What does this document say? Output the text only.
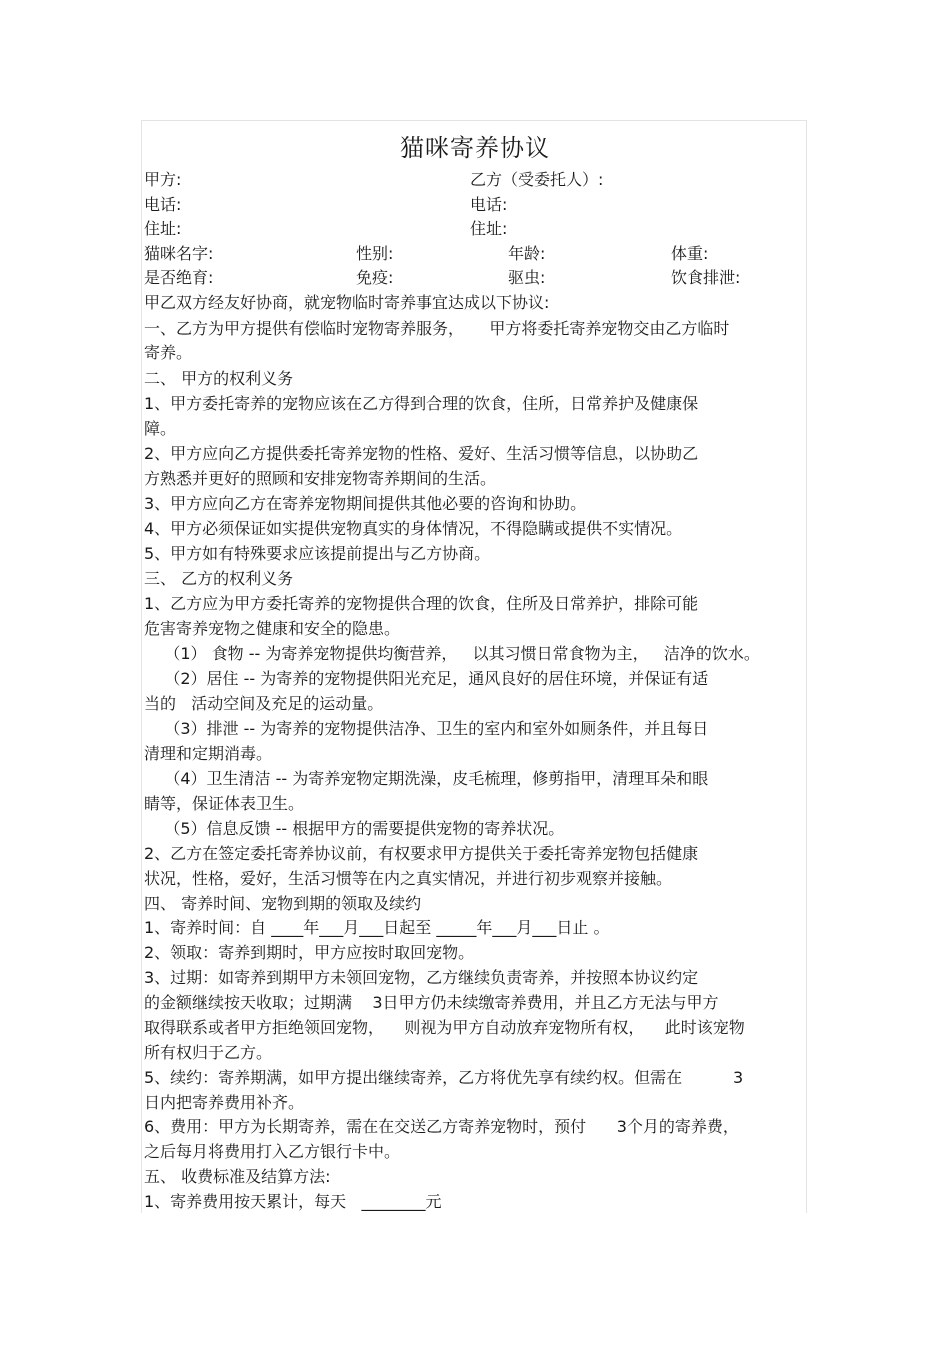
猫咪寄养协议
甲方:	乙方（受委托人）:
电话:	电话:
住址:	住址:
猫咪名字:	性别:	年龄:	体重:
是否绝育:	免疫:	驱虫:	饮食排泄:
甲乙双方经友好协商，就宠物临时寄养事宜达成以下协议:
一、乙方为甲方提供有偿临时宠物寄养服务，     甲方将委托寄养宠物交由乙方临时
寄养。
二、 甲方的权利义务
1、甲方委托寄养的宠物应该在乙方得到合理的饮食，住所，日常养护及健康保
障。
2、甲方应向乙方提供委托寄养宠物的性格、爱好、生活习惯等信息，以协助乙
方熟悉并更好的照顾和安排宠物寄养期间的生活。
3、甲方应向乙方在寄养宠物期间提供其他必要的咨询和协助。
4、甲方必须保证如实提供宠物真实的身体情况，不得隐瞒或提供不实情况。
5、甲方如有特殊要求应该提前提出与乙方协商。
三、 乙方的权利义务
1、乙方应为甲方委托寄养的宠物提供合理的饮食，住所及日常养护，排除可能
危害寄养宠物之健康和安全的隐患。
（1） 食物 -- 为寄养宠物提供均衡营养，   以其习惯日常食物为主，   洁净的饮水。
（2）居住 -- 为寄养的宠物提供阳光充足，通风良好的居住环境，并保证有适
当的   活动空间及充足的运动量。
（3）排泄 -- 为寄养的宠物提供洁净、卫生的室内和室外如厕条件，并且每日
清理和定期消毒。
（4）卫生清洁 -- 为寄养宠物定期洗澡，皮毛梳理，修剪指甲，清理耳朵和眼
睛等，保证体表卫生。
（5）信息反馈 -- 根据甲方的需要提供宠物的寄养状况。
2、乙方在签定委托寄养协议前，有权要求甲方提供关于委托寄养宠物包括健康
状况，性格，爱好，生活习惯等在内之真实情况，并进行初步观察并接触。
四、 寄养时间、宠物到期的领取及续约
1、寄养时间：自 ____年___月___日起至 _____年___月___日止 。
2、领取：寄养到期时，甲方应按时取回宠物。
3、过期：如寄养到期甲方未领回宠物，乙方继续负责寄养，并按照本协议约定
的金额继续按天收取；过期满    3日甲方仍未续缴寄养费用，并且乙方无法与甲方
取得联系或者甲方拒绝领回宠物，    则视为甲方自动放弃宠物所有权，    此时该宠物
所有权归于乙方。
5、续约：寄养期满，如甲方提出继续寄养，乙方将优先享有续约权。但需在          3
日内把寄养费用补齐。
6、费用：甲方为长期寄养，需在在交送乙方寄养宠物时，预付      3个月的寄养费，
之后每月将费用打入乙方银行卡中。
五、 收费标准及结算方法:
1、寄养费用按天累计，每天   ________元
